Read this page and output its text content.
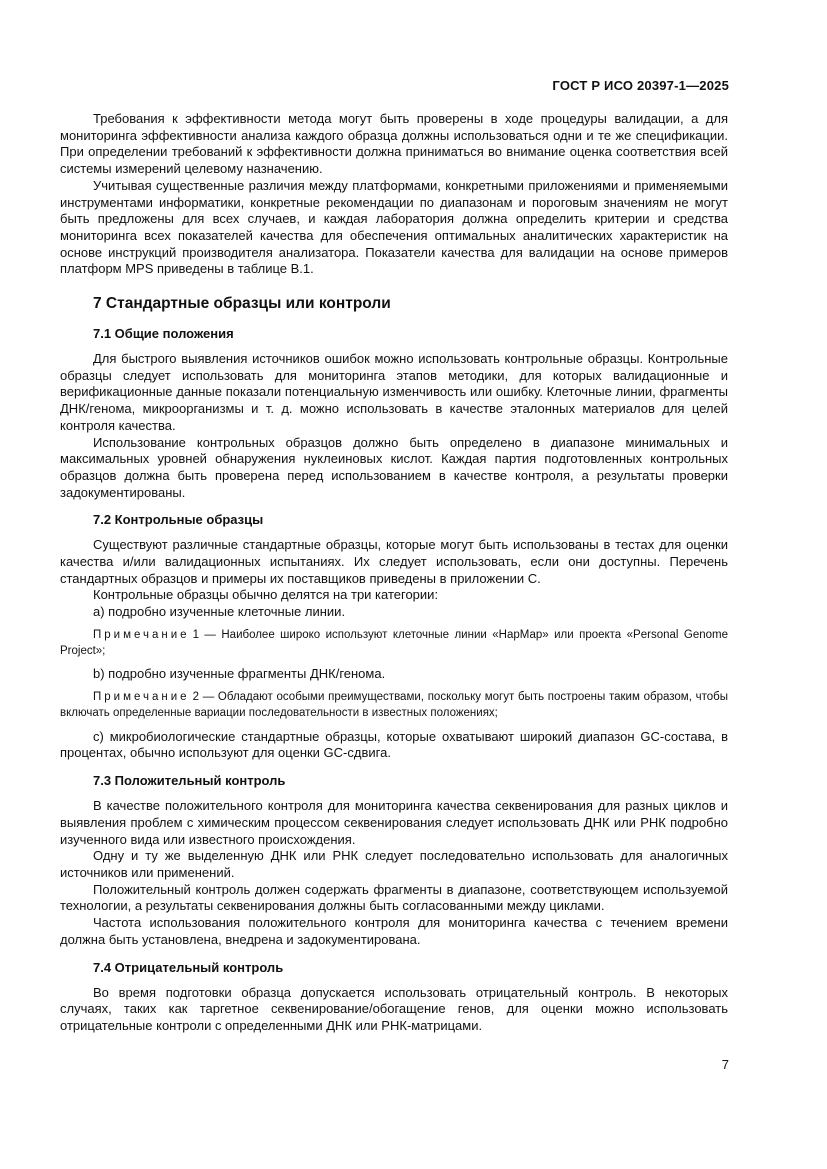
ГОСТ Р ИСО 20397-1—2025

Требования к эффективности метода могут быть проверены в ходе процедуры валидации, а для мониторинга эффективности анализа каждого образца должны использоваться одни и те же спецификации. При определении требований к эффективности должна приниматься во внимание оценка соответствия всей системы измерений целевому назначению.

Учитывая существенные различия между платформами, конкретными приложениями и применяемыми инструментами информатики, конкретные рекомендации по диапазонам и пороговым значениям не могут быть предложены для всех случаев, и каждая лаборатория должна определить критерии и средства мониторинга всех показателей качества для обеспечения оптимальных аналитических характеристик на основе инструкций производителя анализатора. Показатели качества для валидации на основе примеров платформ MPS приведены в таблице В.1.

7 Стандартные образцы или контроли
7.1 Общие положения

Для быстрого выявления источников ошибок можно использовать контрольные образцы. Контрольные образцы следует использовать для мониторинга этапов методики, для которых валидационные и верификационные данные показали потенциальную изменчивость или ошибку. Клеточные линии, фрагменты ДНК/генома, микроорганизмы и т. д. можно использовать в качестве эталонных материалов для целей контроля качества.

Использование контрольных образцов должно быть определено в диапазоне минимальных и максимальных уровней обнаружения нуклеиновых кислот. Каждая партия подготовленных контрольных образцов должна быть проверена перед использованием в качестве контроля, а результаты проверки задокументированы.

7.2 Контрольные образцы

Существуют различные стандартные образцы, которые могут быть использованы в тестах для оценки качества и/или валидационных испытаниях. Их следует использовать, если они доступны. Перечень стандартных образцов и примеры их поставщиков приведены в приложении С.

Контрольные образцы обычно делятся на три категории:

а) подробно изученные клеточные линии.

Примечание 1 — Наиболее широко используют клеточные линии «НарМар» или проекта «Personal Genome Project»;

b) подробно изученные фрагменты ДНК/генома.

Примечание 2 — Обладают особыми преимуществами, поскольку могут быть построены таким образом, чтобы включать определенные вариации последовательности в известных положениях;

c) микробиологические стандартные образцы, которые охватывают широкий диапазон GC-состава, в процентах, обычно используют для оценки GC-сдвига.

7.3 Положительный контроль

В качестве положительного контроля для мониторинга качества секвенирования для разных циклов и выявления проблем с химическим процессом секвенирования следует использовать ДНК или РНК подробно изученного вида или известного происхождения.

Одну и ту же выделенную ДНК или РНК следует последовательно использовать для аналогичных источников или применений.

Положительный контроль должен содержать фрагменты в диапазоне, соответствующем используемой технологии, а результаты секвенирования должны быть согласованными между циклами.

Частота использования положительного контроля для мониторинга качества с течением времени должна быть установлена, внедрена и задокументирована.

7.4 Отрицательный контроль

Во время подготовки образца допускается использовать отрицательный контроль. В некоторых случаях, таких как таргетное секвенирование/обогащение генов, для оценки можно использовать отрицательные контроли с определенными ДНК или РНК-матрицами.

7
